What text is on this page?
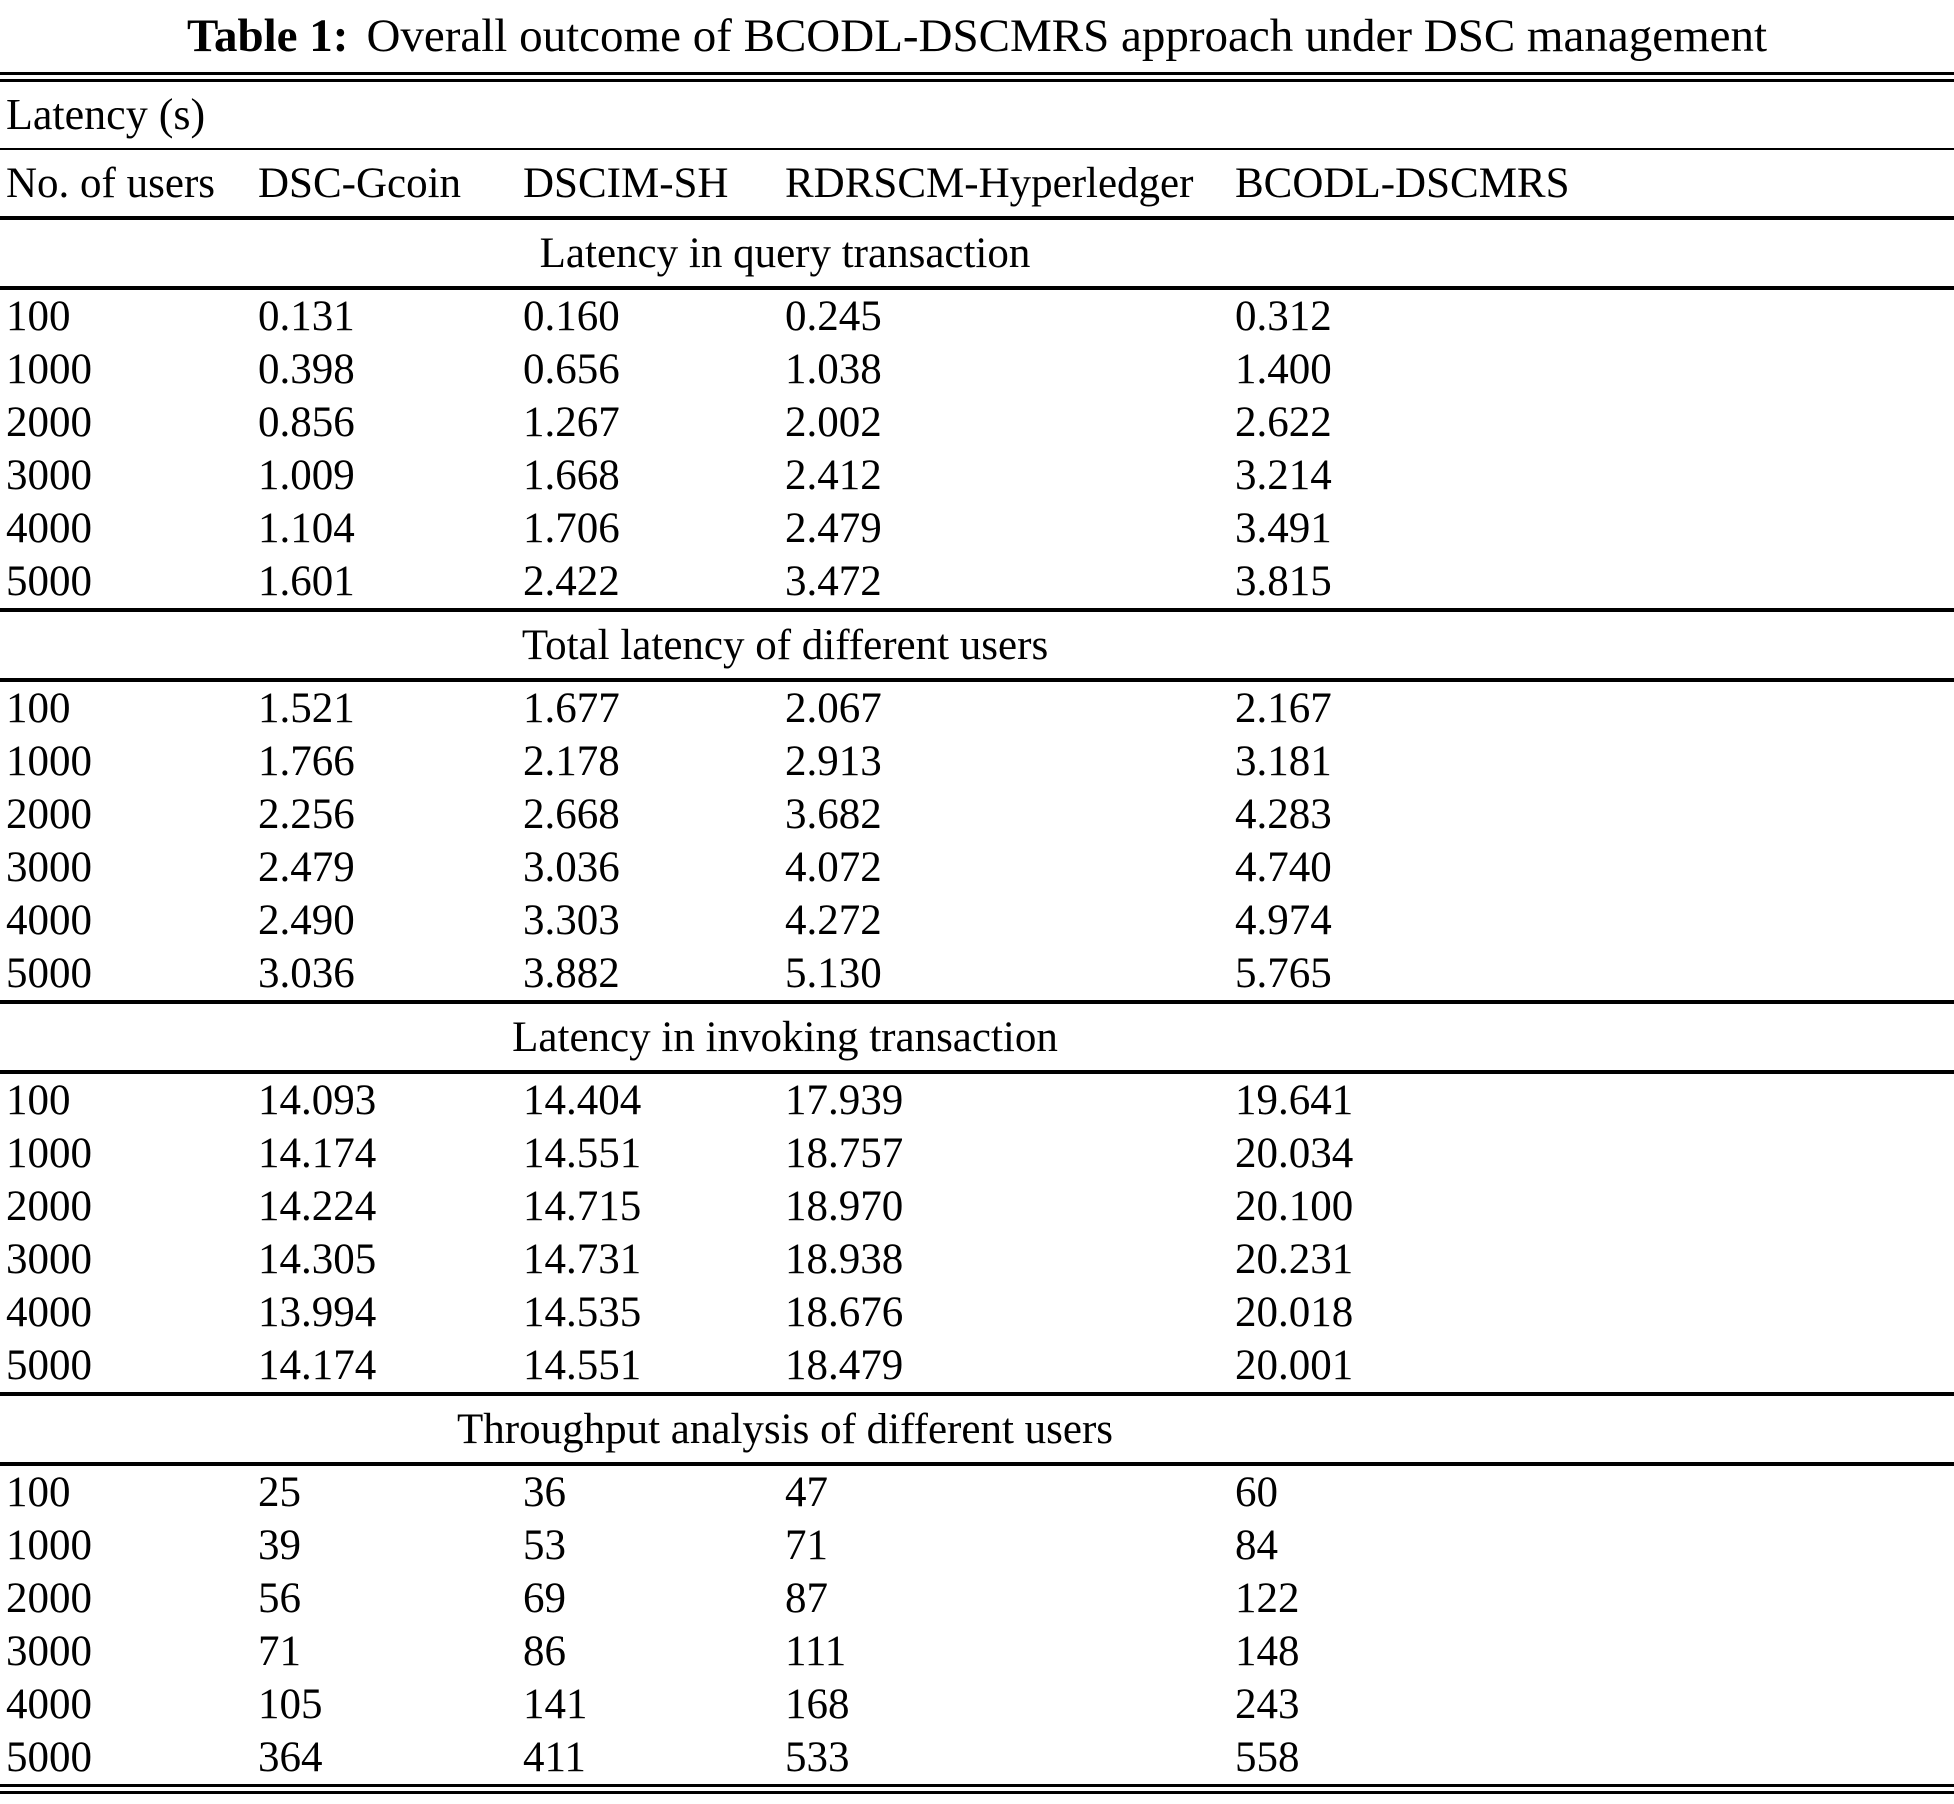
Table 1: Overall outcome of BCODL-DSCMRS approach under DSC management
Latency (s)				
No. of users	DSC-Gcoin	DSCIM-SH	RDRSCM-Hyperledger	BCODL-DSCMRS
Latency in query transaction				
100	0.131	0.160	0.245	0.312
1000	0.398	0.656	1.038	1.400
2000	0.856	1.267	2.002	2.622
3000	1.009	1.668	2.412	3.214
4000	1.104	1.706	2.479	3.491
5000	1.601	2.422	3.472	3.815
Total latency of different users				
100	1.521	1.677	2.067	2.167
1000	1.766	2.178	2.913	3.181
2000	2.256	2.668	3.682	4.283
3000	2.479	3.036	4.072	4.740
4000	2.490	3.303	4.272	4.974
5000	3.036	3.882	5.130	5.765
Latency in invoking transaction				
100	14.093	14.404	17.939	19.641
1000	14.174	14.551	18.757	20.034
2000	14.224	14.715	18.970	20.100
3000	14.305	14.731	18.938	20.231
4000	13.994	14.535	18.676	20.018
5000	14.174	14.551	18.479	20.001
Throughput analysis of different users				
100	25	36	47	60
1000	39	53	71	84
2000	56	69	87	122
3000	71	86	111	148
4000	105	141	168	243
5000	364	411	533	558
